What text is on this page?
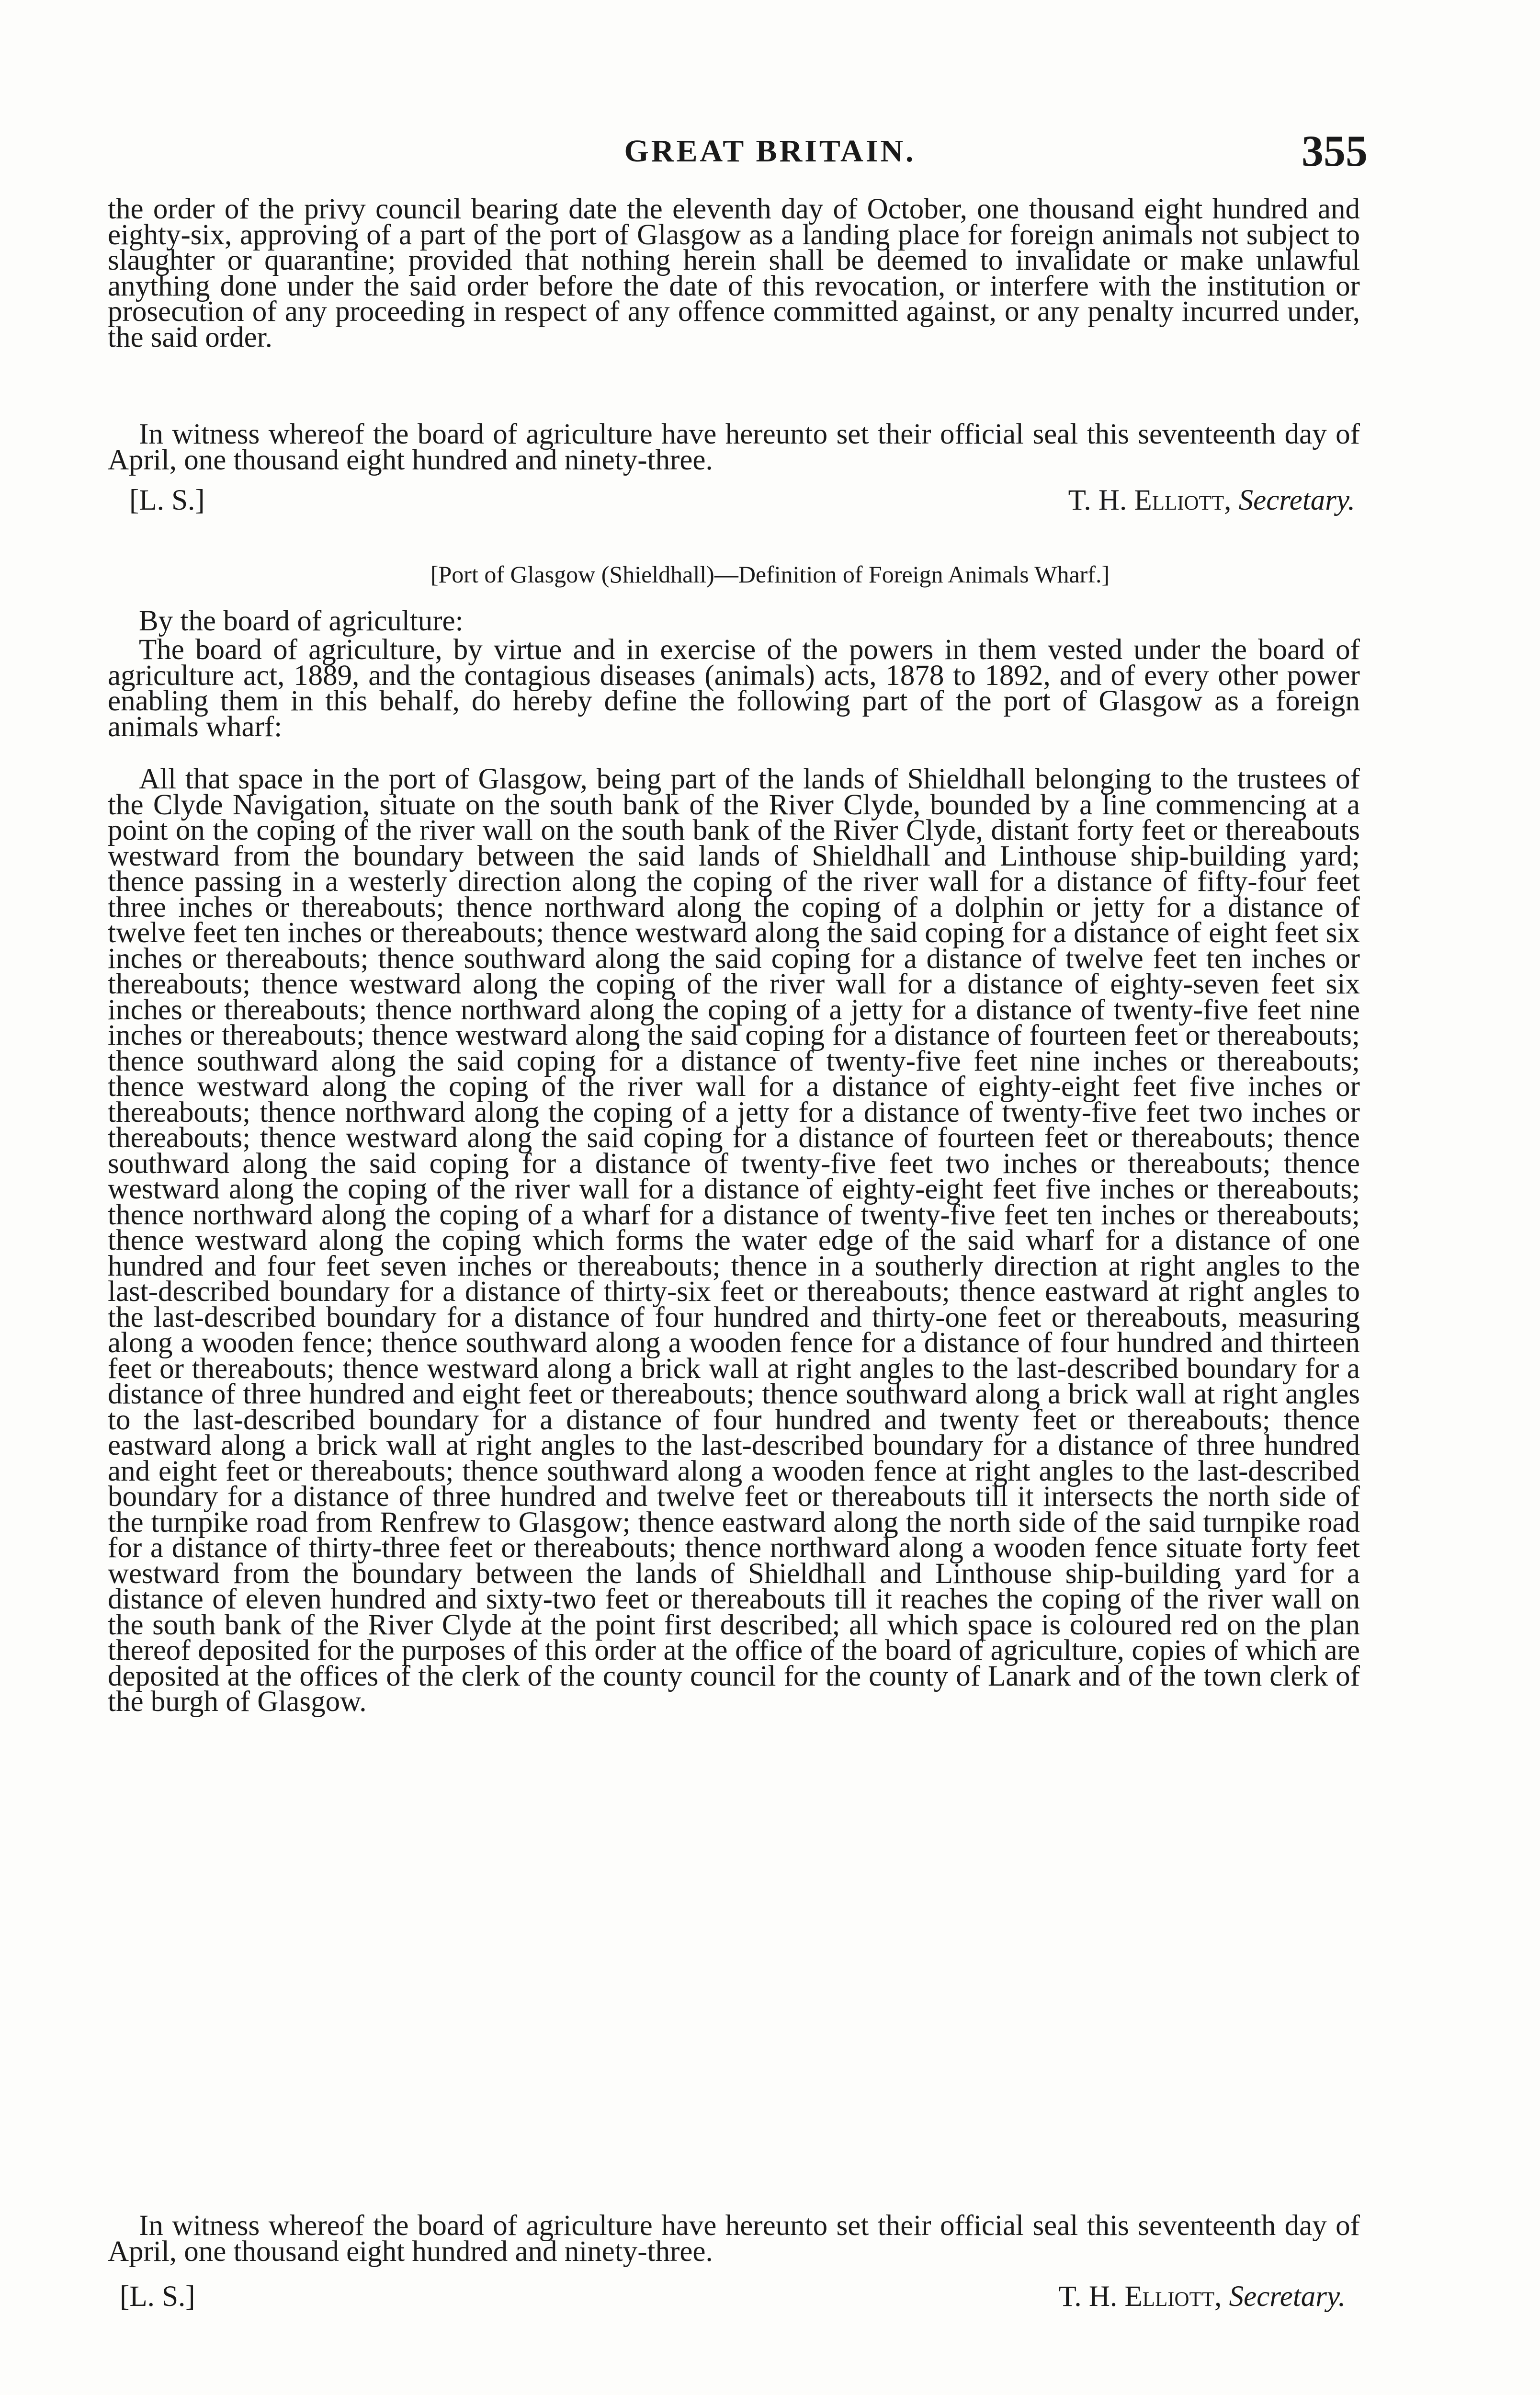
GREAT BRITAIN.	355

the order of the privy council bearing date the eleventh day of October, one thousand eight hundred and eighty-six, approving of a part of the port of Glasgow as a landing place for foreign animals not subject to slaughter or quarantine; provided that nothing herein shall be deemed to invalidate or make unlawful anything done under the said order before the date of this revocation, or interfere with the institution or prosecution of any proceeding in respect of any offence committed against, or any penalty incurred under, the said order.

In witness whereof the board of agriculture have hereunto set their official seal this seventeenth day of April, one thousand eight hundred and ninety-three.

[L. S.]	T. H. Elliott, Secretary.
[Port of Glasgow (Shieldhall)—Definition of Foreign Animals Wharf.]

By the board of agriculture:

The board of agriculture, by virtue and in exercise of the powers in them vested under the board of agriculture act, 1889, and the contagious diseases (animals) acts, 1878 to 1892, and of every other power enabling them in this behalf, do hereby define the following part of the port of Glasgow as a foreign animals wharf:

All that space in the port of Glasgow, being part of the lands of Shieldhall belonging to the trustees of the Clyde Navigation, situate on the south bank of the River Clyde, bounded by a line commencing at a point on the coping of the river wall on the south bank of the River Clyde, distant forty feet or thereabouts westward from the boundary between the said lands of Shieldhall and Linthouse ship-building yard; thence passing in a westerly direction along the coping of the river wall for a distance of fifty-four feet three inches or thereabouts; thence northward along the coping of a dolphin or jetty for a distance of twelve feet ten inches or thereabouts; thence westward along the said coping for a distance of eight feet six inches or thereabouts; thence southward along the said coping for a distance of twelve feet ten inches or thereabouts; thence westward along the coping of the river wall for a distance of eighty-seven feet six inches or thereabouts; thence northward along the coping of a jetty for a distance of twenty-five feet nine inches or thereabouts; thence westward along the said coping for a distance of fourteen feet or thereabouts; thence southward along the said coping for a distance of twenty-five feet nine inches or thereabouts; thence westward along the coping of the river wall for a distance of eighty-eight feet five inches or thereabouts; thence northward along the coping of a jetty for a distance of twenty-five feet two inches or thereabouts; thence westward along the said coping for a distance of fourteen feet or thereabouts; thence southward along the said coping for a distance of twenty-five feet two inches or thereabouts; thence westward along the coping of the river wall for a distance of eighty-eight feet five inches or thereabouts; thence northward along the coping of a wharf for a distance of twenty-five feet ten inches or thereabouts; thence westward along the coping which forms the water edge of the said wharf for a distance of one hundred and four feet seven inches or thereabouts; thence in a southerly direction at right angles to the last-described boundary for a distance of thirty-six feet or thereabouts; thence eastward at right angles to the last-described boundary for a distance of four hundred and thirty-one feet or thereabouts, measuring along a wooden fence; thence southward along a wooden fence for a distance of four hundred and thirteen feet or thereabouts; thence westward along a brick wall at right angles to the last-described boundary for a distance of three hundred and eight feet or thereabouts; thence southward along a brick wall at right angles to the last-described boundary for a distance of four hundred and twenty feet or thereabouts; thence eastward along a brick wall at right angles to the last-described boundary for a distance of three hundred and eight feet or thereabouts; thence southward along a wooden fence at right angles to the last-described boundary for a distance of three hundred and twelve feet or thereabouts till it intersects the north side of the turnpike road from Renfrew to Glasgow; thence eastward along the north side of the said turnpike road for a distance of thirty-three feet or thereabouts; thence northward along a wooden fence situate forty feet westward from the boundary between the lands of Shieldhall and Linthouse ship-building yard for a distance of eleven hundred and sixty-two feet or thereabouts till it reaches the coping of the river wall on the south bank of the River Clyde at the point first described; all which space is coloured red on the plan thereof deposited for the purposes of this order at the office of the board of agriculture, copies of which are deposited at the offices of the clerk of the county council for the county of Lanark and of the town clerk of the burgh of Glasgow.

In witness whereof the board of agriculture have hereunto set their official seal this seventeenth day of April, one thousand eight hundred and ninety-three.

[L. S.]	T. H. Elliott, Secretary.
